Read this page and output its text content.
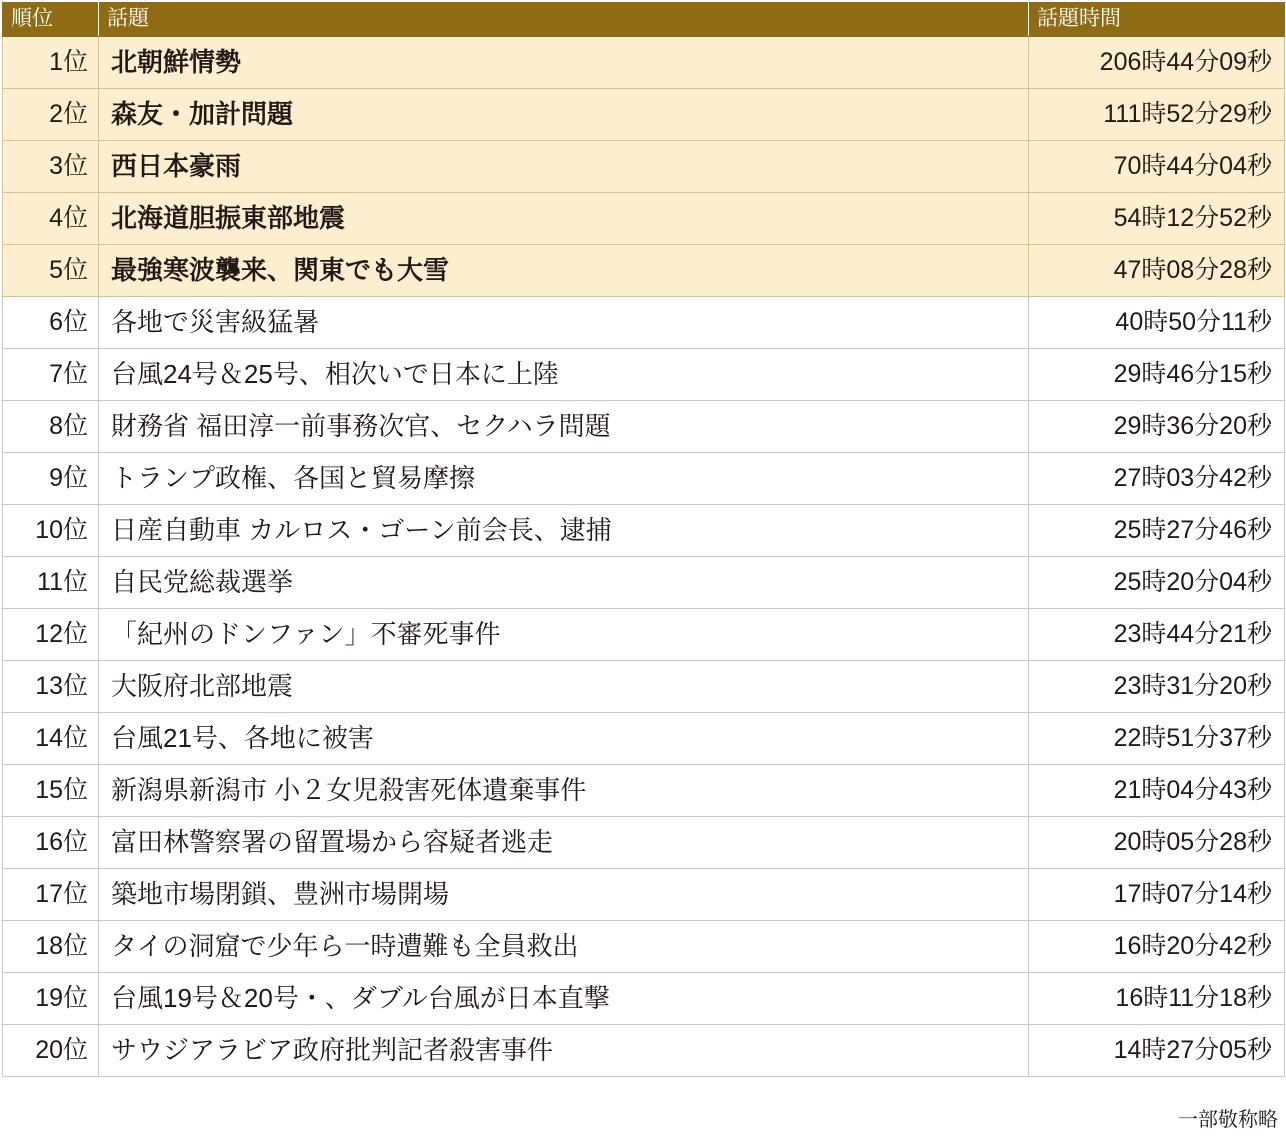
順位	話題	話題時間
1位	北朝鮮情勢	206時44分09秒
2位	森友・加計問題	111時52分29秒
3位	西日本豪雨	70時44分04秒
4位	北海道胆振東部地震	54時12分52秒
5位	最強寒波襲来、関東でも大雪	47時08分28秒
6位	各地で災害級猛暑	40時50分11秒
7位	台風24号＆25号、相次いで日本に上陸	29時46分15秒
8位	財務省 福田淳一前事務次官、セクハラ問題	29時36分20秒
9位	トランプ政権、各国と貿易摩擦	27時03分42秒
10位	日産自動車 カルロス・ゴーン前会長、逮捕	25時27分46秒
11位	自民党総裁選挙	25時20分04秒
12位	「紀州のドンファン」不審死事件	23時44分21秒
13位	大阪府北部地震	23時31分20秒
14位	台風21号、各地に被害	22時51分37秒
15位	新潟県新潟市 小２女児殺害死体遺棄事件	21時04分43秒
16位	富田林警察署の留置場から容疑者逃走	20時05分28秒
17位	築地市場閉鎖、豊洲市場開場	17時07分14秒
18位	タイの洞窟で少年ら一時遭難も全員救出	16時20分42秒
19位	台風19号＆20号・、ダブル台風が日本直撃	16時11分18秒
20位	サウジアラビア政府批判記者殺害事件	14時27分05秒
一部敬称略
